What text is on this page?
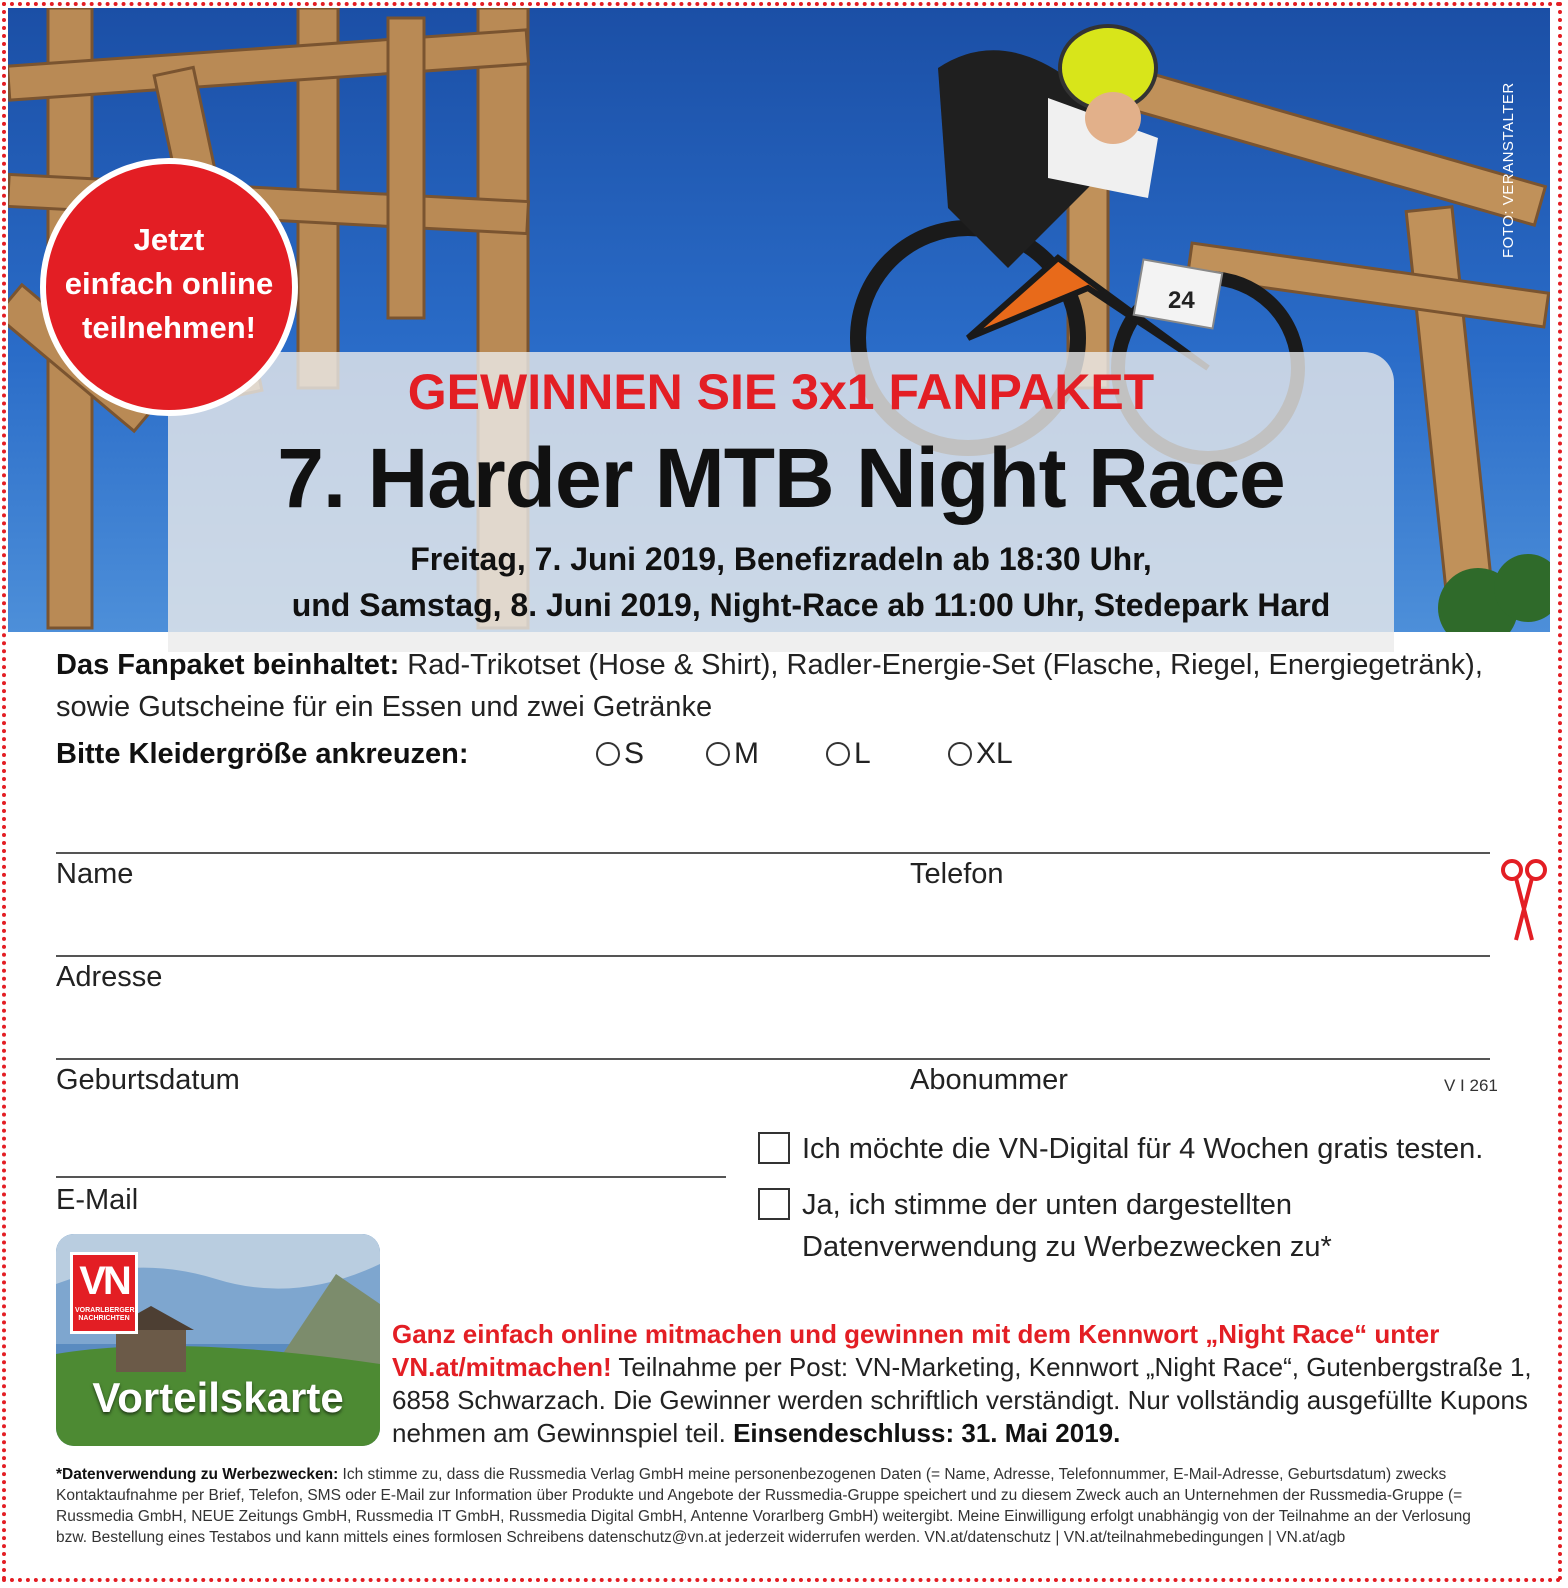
24
FOTO: VERANSTALTER
GEWINNEN SIE 3x1 FANPAKET
7. Harder MTB Night Race
Freitag, 7. Juni 2019, Benefizradeln ab 18:30 Uhr,
und Samstag, 8. Juni 2019, Night-Race ab 11:00 Uhr, Stedepark Hard
Jetzt
einfach online
teilnehmen!
Das Fanpaket beinhaltet: Rad-Trikotset (Hose & Shirt), Radler-Energie-Set (Flasche, Riegel, Energiegetränk), sowie Gutscheine für ein Essen und zwei Getränke
Bitte Kleidergröße ankreuzen:	S	M	L	XL
Name	Telefon
Adresse
Geburtsdatum	Abonummer	V I 261
E-Mail
Ich möchte die VN-Digital für 4 Wochen gratis testen.
Ja, ich stimme der unten dargestellten Datenverwendung zu Werbezwecken zu*
VN
VORARLBERGER NACHRICHTEN
Vorteilskarte
Ganz einfach online mitmachen und gewinnen mit dem Kennwort „Night Race“ unter VN.at/mitmachen! Teilnahme per Post: VN-Marketing, Kennwort „Night Race“, Gutenbergstraße 1, 6858 Schwarzach. Die Gewinner werden schriftlich verständigt. Nur vollständig ausgefüllte Kupons nehmen am Gewinnspiel teil. Einsendeschluss: 31. Mai 2019.
*Datenverwendung zu Werbezwecken: Ich stimme zu, dass die Russmedia Verlag GmbH meine personenbezogenen Daten (= Name, Adresse, Telefonnummer, E-Mail-Adresse, Geburtsdatum) zwecks Kontaktaufnahme per Brief, Telefon, SMS oder E-Mail zur Information über Produkte und Angebote der Russmedia-Gruppe speichert und zu diesem Zweck auch an Unternehmen der Russmedia-Gruppe (= Russmedia GmbH, NEUE Zeitungs GmbH, Russmedia IT GmbH, Russmedia Digital GmbH, Antenne Vorarlberg GmbH) weitergibt. Meine Einwilligung erfolgt unabhängig von der Teilnahme an der Verlosung bzw. Bestellung eines Testabos und kann mittels eines formlosen Schreibens datenschutz@vn.at jederzeit widerrufen werden. VN.at/datenschutz | VN.at/teilnahmebedingungen | VN.at/agb
